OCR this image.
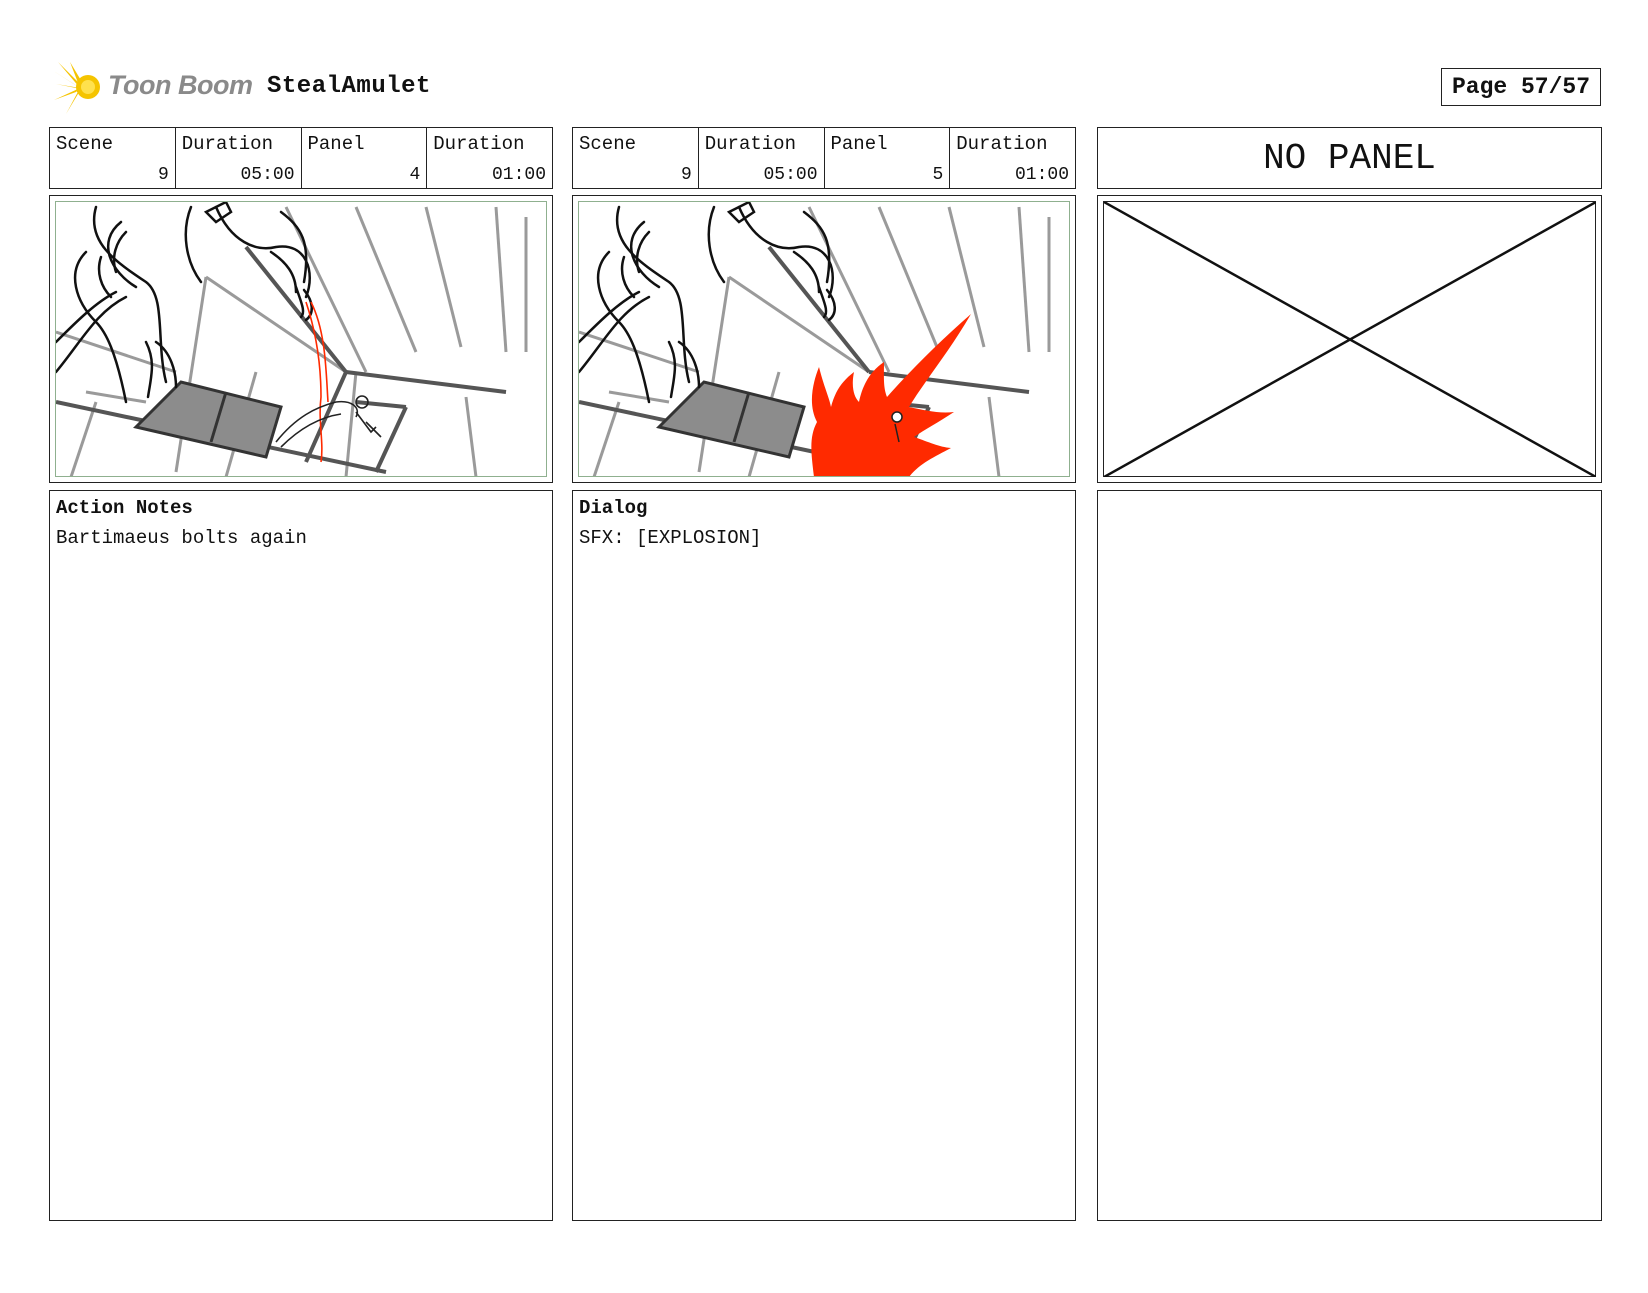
Toon Boom StealAmulet	Page 57/57
Scene
9
Duration
05:00
Panel
4
Duration
01:00
Scene
9
Duration
05:00
Panel
5
Duration
01:00	NO PANEL
Action Notes
Bartimaeus bolts again
Dialog
SFX: [EXPLOSION]
